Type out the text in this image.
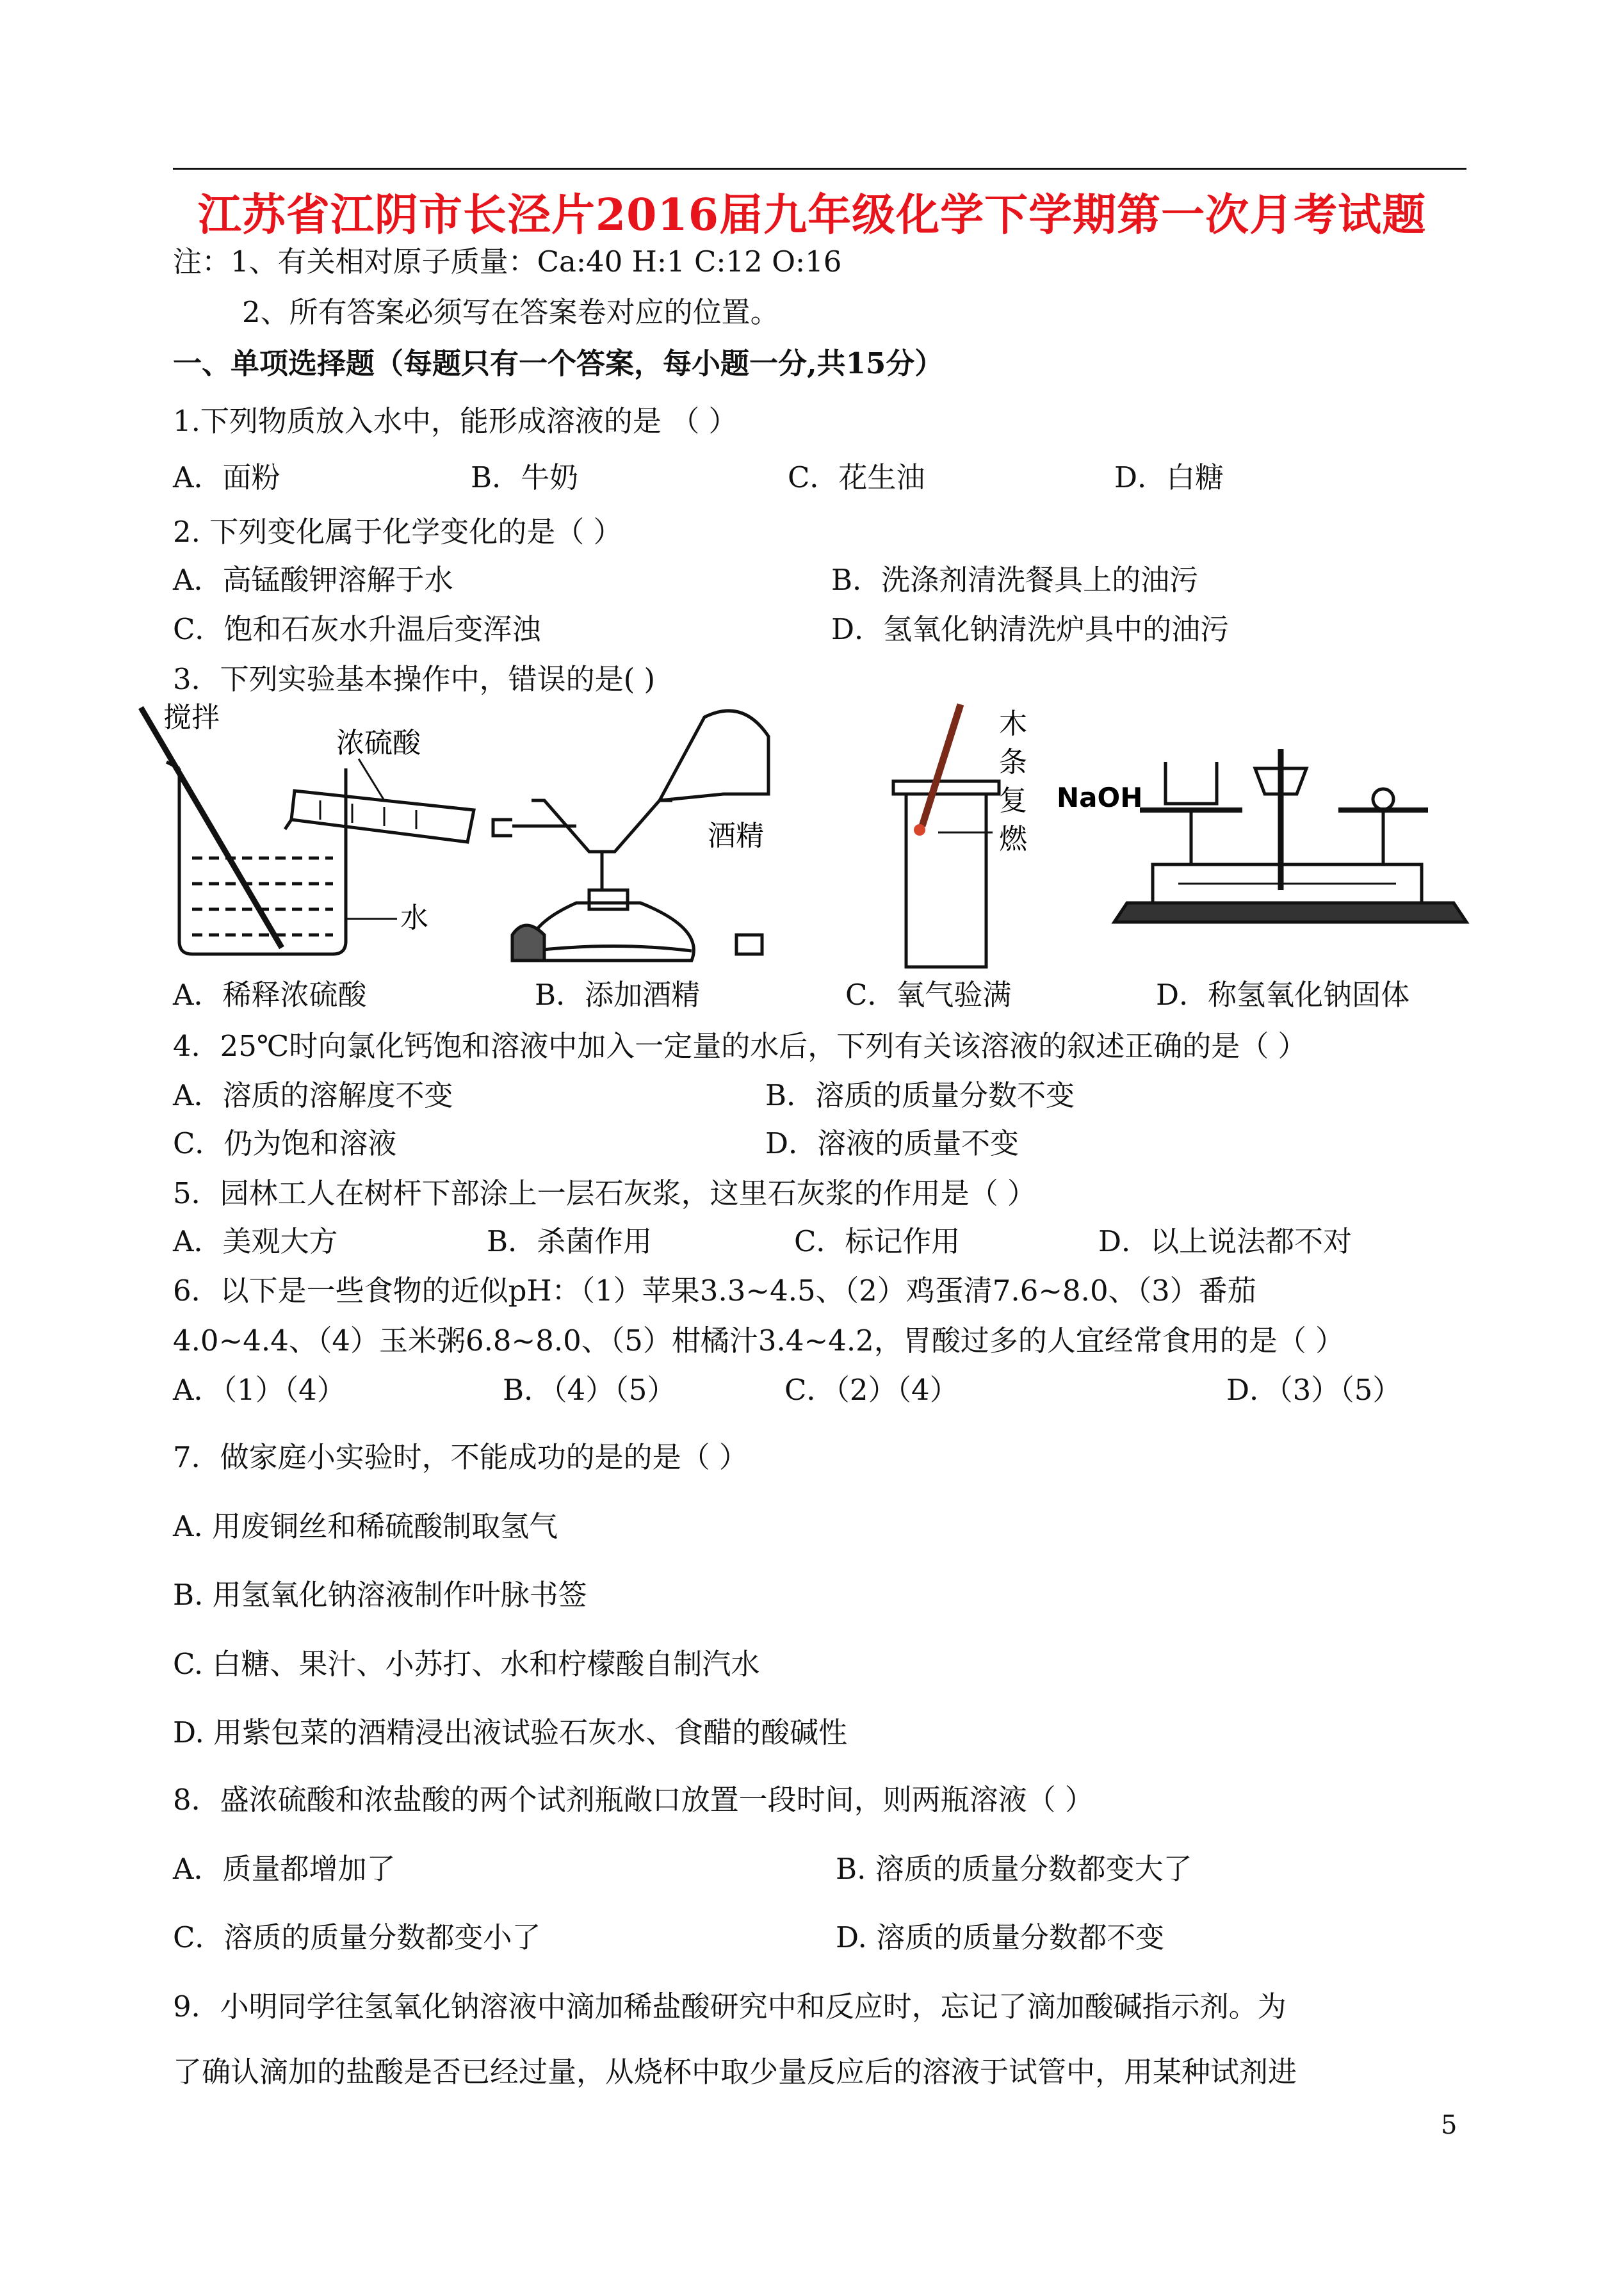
江苏省江阴市长泾片2016届九年级化学下学期第一次月考试题
注：1、有关相对原子质量：Ca:40 H:1 C:12 O:16
2、所有答案必须写在答案卷对应的位置。
一、单项选择题（每题只有一个答案，每小题一分,共15分）
1.下列物质放入水中，能形成溶液的是 （ ）
A．面粉	B．牛奶	C．花生油	D．白糖
2. 下列变化属于化学变化的是（ ）
A．高锰酸钾溶解于水	B．洗涤剂清洗餐具上的油污
C．饱和石灰水升温后变浑浊	D．氢氧化钠清洗炉具中的油污
3．下列实验基本操作中，错误的是( )
搅拌
浓硫酸
水
酒精
木
条
复
燃
NaOH
A．稀释浓硫酸	B．添加酒精	C．氧气验满	D．称氢氧化钠固体
4．25℃时向氯化钙饱和溶液中加入一定量的水后，下列有关该溶液的叙述正确的是（ ）
A．溶质的溶解度不变	B．溶质的质量分数不变
C．仍为饱和溶液	D．溶液的质量不变
5．园林工人在树杆下部涂上一层石灰浆，这里石灰浆的作用是（ ）
A．美观大方	B．杀菌作用	C．标记作用	D．以上说法都不对
6．以下是一些食物的近似pH：（1）苹果3.3~4.5、（2）鸡蛋清7.6~8.0、（3）番茄
4.0~4.4、（4）玉米粥6.8~8.0、（5）柑橘汁3.4~4.2，胃酸过多的人宜经常食用的是（ ）
A．（1）（4）	B．（4）（5）	C．（2）（4）	D．（3）（5）
7．做家庭小实验时，不能成功的是的是（ ）
A. 用废铜丝和稀硫酸制取氢气
B. 用氢氧化钠溶液制作叶脉书签
C. 白糖、果汁、小苏打、水和柠檬酸自制汽水
D. 用紫包菜的酒精浸出液试验石灰水、食醋的酸碱性
8．盛浓硫酸和浓盐酸的两个试剂瓶敞口放置一段时间，则两瓶溶液（ ）
A．质量都增加了	B. 溶质的质量分数都变大了
C．溶质的质量分数都变小了	D. 溶质的质量分数都不变
9．小明同学往氢氧化钠溶液中滴加稀盐酸研究中和反应时，忘记了滴加酸碱指示剂。为
了确认滴加的盐酸是否已经过量，从烧杯中取少量反应后的溶液于试管中，用某种试剂进
5
